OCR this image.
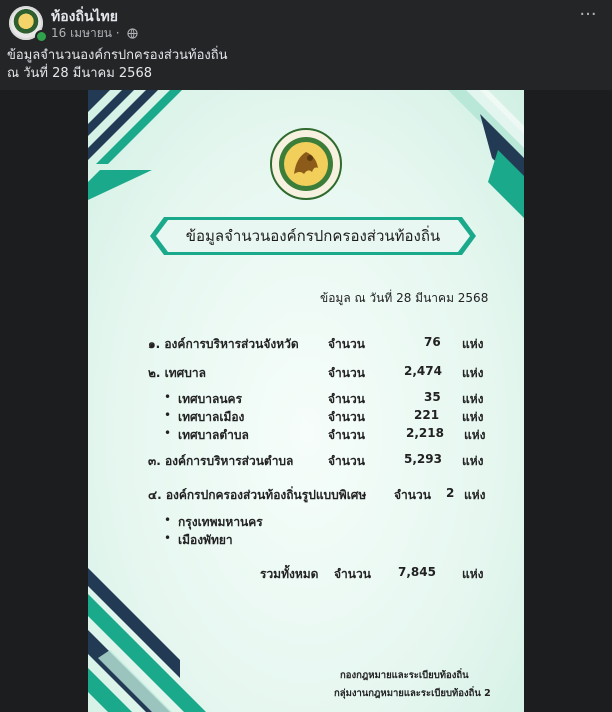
ท้องถิ่นไทย
16 เมษายน ·
···
ข้อมูลจำนวนองค์กรปกครองส่วนท้องถิ่น
ณ วันที่ 28 มีนาคม 2568
ข้อมูลจำนวนองค์กรปกครองส่วนท้องถิ่น
ข้อมูล ณ วันที่ 28 มีนาคม 2568
๑. องค์การบริหารส่วนจังหวัด จำนวน	76 แห่ง
๒. เทศบาล	จำนวน	2,474 แห่ง
• เทศบาลนคร	จำนวน	35 แห่ง
• เทศบาลเมือง	จำนวน	221 แห่ง
• เทศบาลตำบล	จำนวน	2,218 แห่ง
๓. องค์การบริหารส่วนตำบล	จำนวน	5,293 แห่ง
๔. องค์กรปกครองส่วนท้องถิ่นรูปแบบพิเศษ จำนวน 2 แห่ง
• กรุงเทพมหานคร
• เมืองพัทยา
รวมทั้งหมด จำนวน 7,845 แห่ง
กองกฎหมายและระเบียบท้องถิ่น
กลุ่มงานกฎหมายและระเบียบท้องถิ่น 2
